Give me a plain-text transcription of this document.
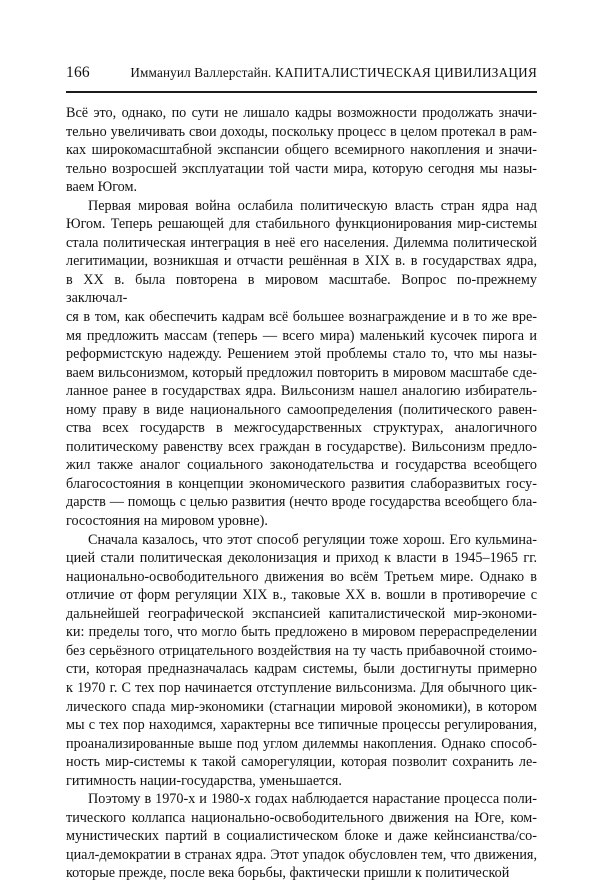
166	Иммануил Валлерстайн. КАПИТАЛИСТИЧЕСКАЯ ЦИВИЛИЗАЦИЯ

Всё это, однако, по сути не лишало кадры возможности продолжать значи-
тельно увеличивать свои доходы, поскольку процесс в целом протекал в рам-
ках широкомасштабной экспансии общего всемирного накопления и значи-
тельно возросшей эксплуатации той части мира, которую сегодня мы назы-
ваем Югом.

Первая мировая война ослабила политическую власть стран ядра над
Югом. Теперь решающей для стабильного функционирования мир-системы
стала политическая интеграция в неё его населения. Дилемма политической
легитимации, возникшая и отчасти решённая в XIX в. в государствах ядра,
в XX в. была повторена в мировом масштабе. Вопрос по-прежнему заключал-
ся в том, как обеспечить кадрам всё большее вознаграждение и в то же вре-
мя предложить массам (теперь — всего мира) маленький кусочек пирога и
реформистскую надежду. Решением этой проблемы стало то, что мы назы-
ваем вильсонизмом, который предложил повторить в мировом масштабе сде-
ланное ранее в государствах ядра. Вильсонизм нашел аналогию избиратель-
ному праву в виде национального самоопределения (политического равен-
ства всех государств в межгосударственных структурах, аналогичного
политическому равенству всех граждан в государстве). Вильсонизм предло-
жил также аналог социального законодательства и государства всеобщего
благосостояния в концепции экономического развития слаборазвитых госу-
дарств — помощь с целью развития (нечто вроде государства всеобщего бла-
госостояния на мировом уровне).

Сначала казалось, что этот способ регуляции тоже хорош. Его кульмина-
цией стали политическая деколонизация и приход к власти в 1945–1965 гг.
национально-освободительного движения во всём Третьем мире. Однако в
отличие от форм регуляции XIX в., таковые XX в. вошли в противоречие с
дальнейшей географической экспансией капиталистической мир-экономи-
ки: пределы того, что могло быть предложено в мировом перераспределении
без серьёзного отрицательного воздействия на ту часть прибавочной стоимо-
сти, которая предназначалась кадрам системы, были достигнуты примерно
к 1970 г. С тех пор начинается отступление вильсонизма. Для обычного цик-
лического спада мир-экономики (стагнации мировой экономики), в котором
мы с тех пор находимся, характерны все типичные процессы регулирования,
проанализированные выше под углом дилеммы накопления. Однако способ-
ность мир-системы к такой саморегуляции, которая позволит сохранить ле-
гитимность нации-государства, уменьшается.

Поэтому в 1970-х и 1980-х годах наблюдается нарастание процесса поли-
тического коллапса национально-освободительного движения на Юге, ком-
мунистических партий в социалистическом блоке и даже кейнсианства/со-
циал-демократии в странах ядра. Этот упадок обусловлен тем, что движения,
которые прежде, после века борьбы, фактически пришли к политической
